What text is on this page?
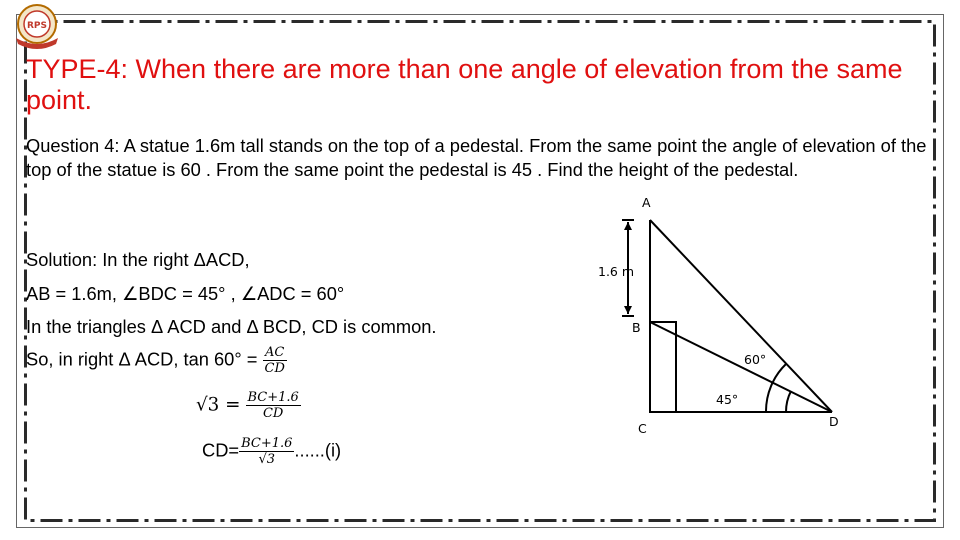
RPS
TYPE-4: When there are more than one angle of elevation from the same point.

Question 4: A statue 1.6m tall stands on the top of a pedestal. From the same point the angle of elevation of the top of the statue is 60 . From the same point the pedestal is 45 . Find the height of the pedestal.

Solution: In the right ΔACD,

AB = 1.6m, ∠BDC = 45° , ∠ADC = 60°

In the triangles Δ ACD and Δ BCD, CD is common.

So, in right Δ ACD, $\tan 60^\circ = \frac{AC}{CD}$
$√3 = \frac{BC+1.6}{CD}$
$CD= \frac{BC+1.6}{√3} ......(i)$
A
1.6 m
B
60°
45°
C	D
